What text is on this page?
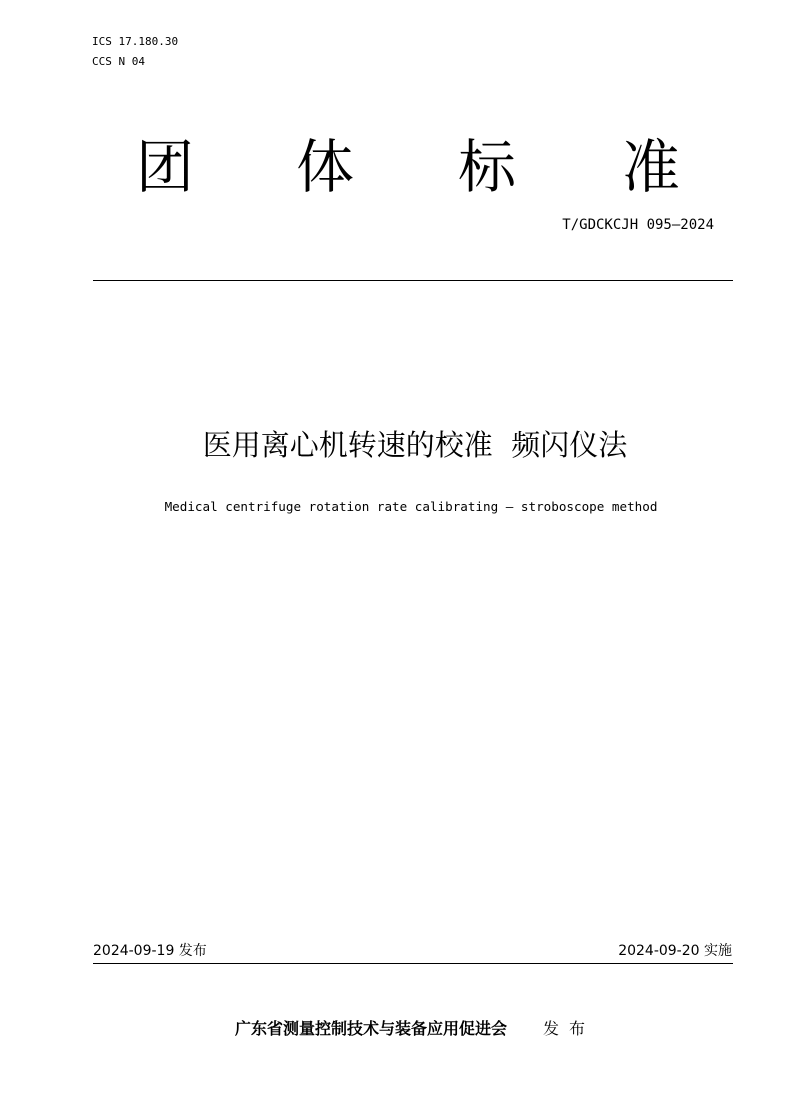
ICS 17.180.30
CCS N 04
团 体 标 准
T/GDCKCJH 095—2024
医用离心机转速的校准  频闪仪法
Medical centrifuge rotation rate calibrating – stroboscope method
2024-09-19 发布	2024-09-20 实施
广东省测量控制技术与装备应用促进会 发布
